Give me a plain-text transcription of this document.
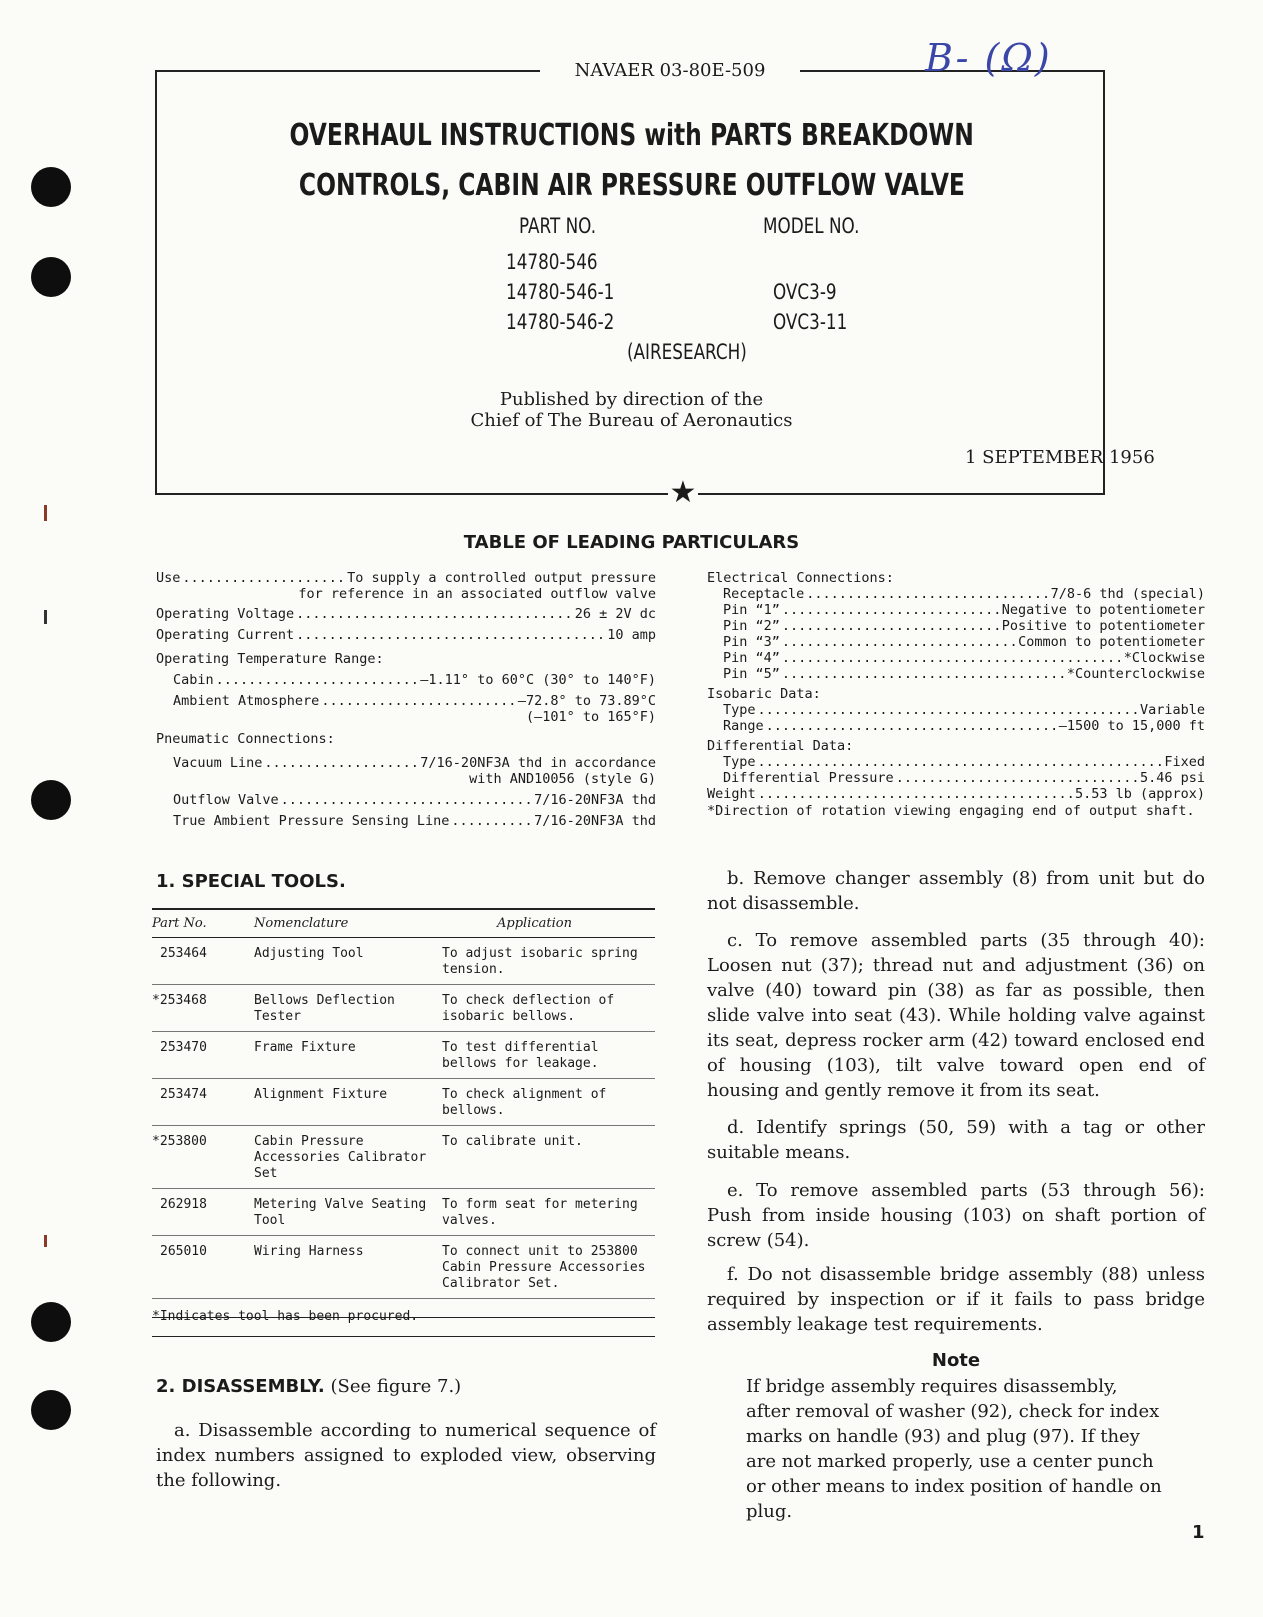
NAVAER 03-80E-509	B- (Ω)
OVERHAUL INSTRUCTIONS with PARTS BREAKDOWN
CONTROLS, CABIN AIR PRESSURE OUTFLOW VALVE
PART NO.	MODEL NO.
14780-546
14780-546-1	OVC3-9
14780-546-2	OVC3-11
(AIRESEARCH)
Published by direction of the
Chief of The Bureau of Aeronautics
1 SEPTEMBER 1956
★
TABLE OF LEADING PARTICULARS
Use .....	To supply a controlled output pressure
for reference in an associated outflow valve
Operating Voltage .....	26 ± 2V dc
Operating Current .....	10 amp
Operating Temperature Range:
Cabin .....	—1.11° to 60°C (30° to 140°F)
Ambient Atmosphere .....	—72.8° to 73.89°C
(—101° to 165°F)
Pneumatic Connections:
Vacuum Line .....	7/16-20NF3A thd in accordance
with AND10056 (style G)
Outflow Valve .....	7/16-20NF3A thd
True Ambient Pressure Sensing Line .....	7/16-20NF3A thd
Electrical Connections:
Receptacle .....	7/8-6 thd (special)
Pin “1” .....	Negative to potentiometer
Pin “2” .....	Positive to potentiometer
Pin “3” .....	Common to potentiometer
Pin “4” .....	*Clockwise
Pin “5” .....	*Counterclockwise
Isobaric Data:
Type .....	Variable
Range .....	—1500 to 15,000 ft
Differential Data:
Type .....	Fixed
Differential Pressure .....	5.46 psi
Weight .....	5.53 lb (approx)
*Direction of rotation viewing engaging end of output shaft.
1. SPECIAL TOOLS.
Part No.	Nomenclature	Application
253464	Adjusting Tool	To adjust isobaric spring tension.
*253468	Bellows Deflection Tester	To check deflection of isobaric bellows.
253470	Frame Fixture	To test differential bellows for leakage.
253474	Alignment Fixture	To check alignment of bellows.
*253800	Cabin Pressure Accessories Calibrator Set	To calibrate unit.
262918	Metering Valve Seating Tool	To form seat for metering valves.
265010	Wiring Harness	To connect unit to 253800 Cabin Pressure Accessories Calibrator Set.
*Indicates tool has been procured.
2. DISASSEMBLY. (See figure 7.)
a. Disassemble according to numerical sequence of index numbers assigned to exploded view, observing the following.
b. Remove changer assembly (8) from unit but do not disassemble.
c. To remove assembled parts (35 through 40): Loosen nut (37); thread nut and adjustment (36) on valve (40) toward pin (38) as far as possible, then slide valve into seat (43). While holding valve against its seat, depress rocker arm (42) toward enclosed end of housing (103), tilt valve toward open end of housing and gently remove it from its seat.
d. Identify springs (50, 59) with a tag or other suitable means.
e. To remove assembled parts (53 through 56): Push from inside housing (103) on shaft portion of screw (54).
f. Do not disassemble bridge assembly (88) unless required by inspection or if it fails to pass bridge assembly leakage test requirements.
Note
If bridge assembly requires disassembly, after removal of washer (92), check for index marks on handle (93) and plug (97). If they are not marked properly, use a center punch or other means to index position of handle on plug.
1
